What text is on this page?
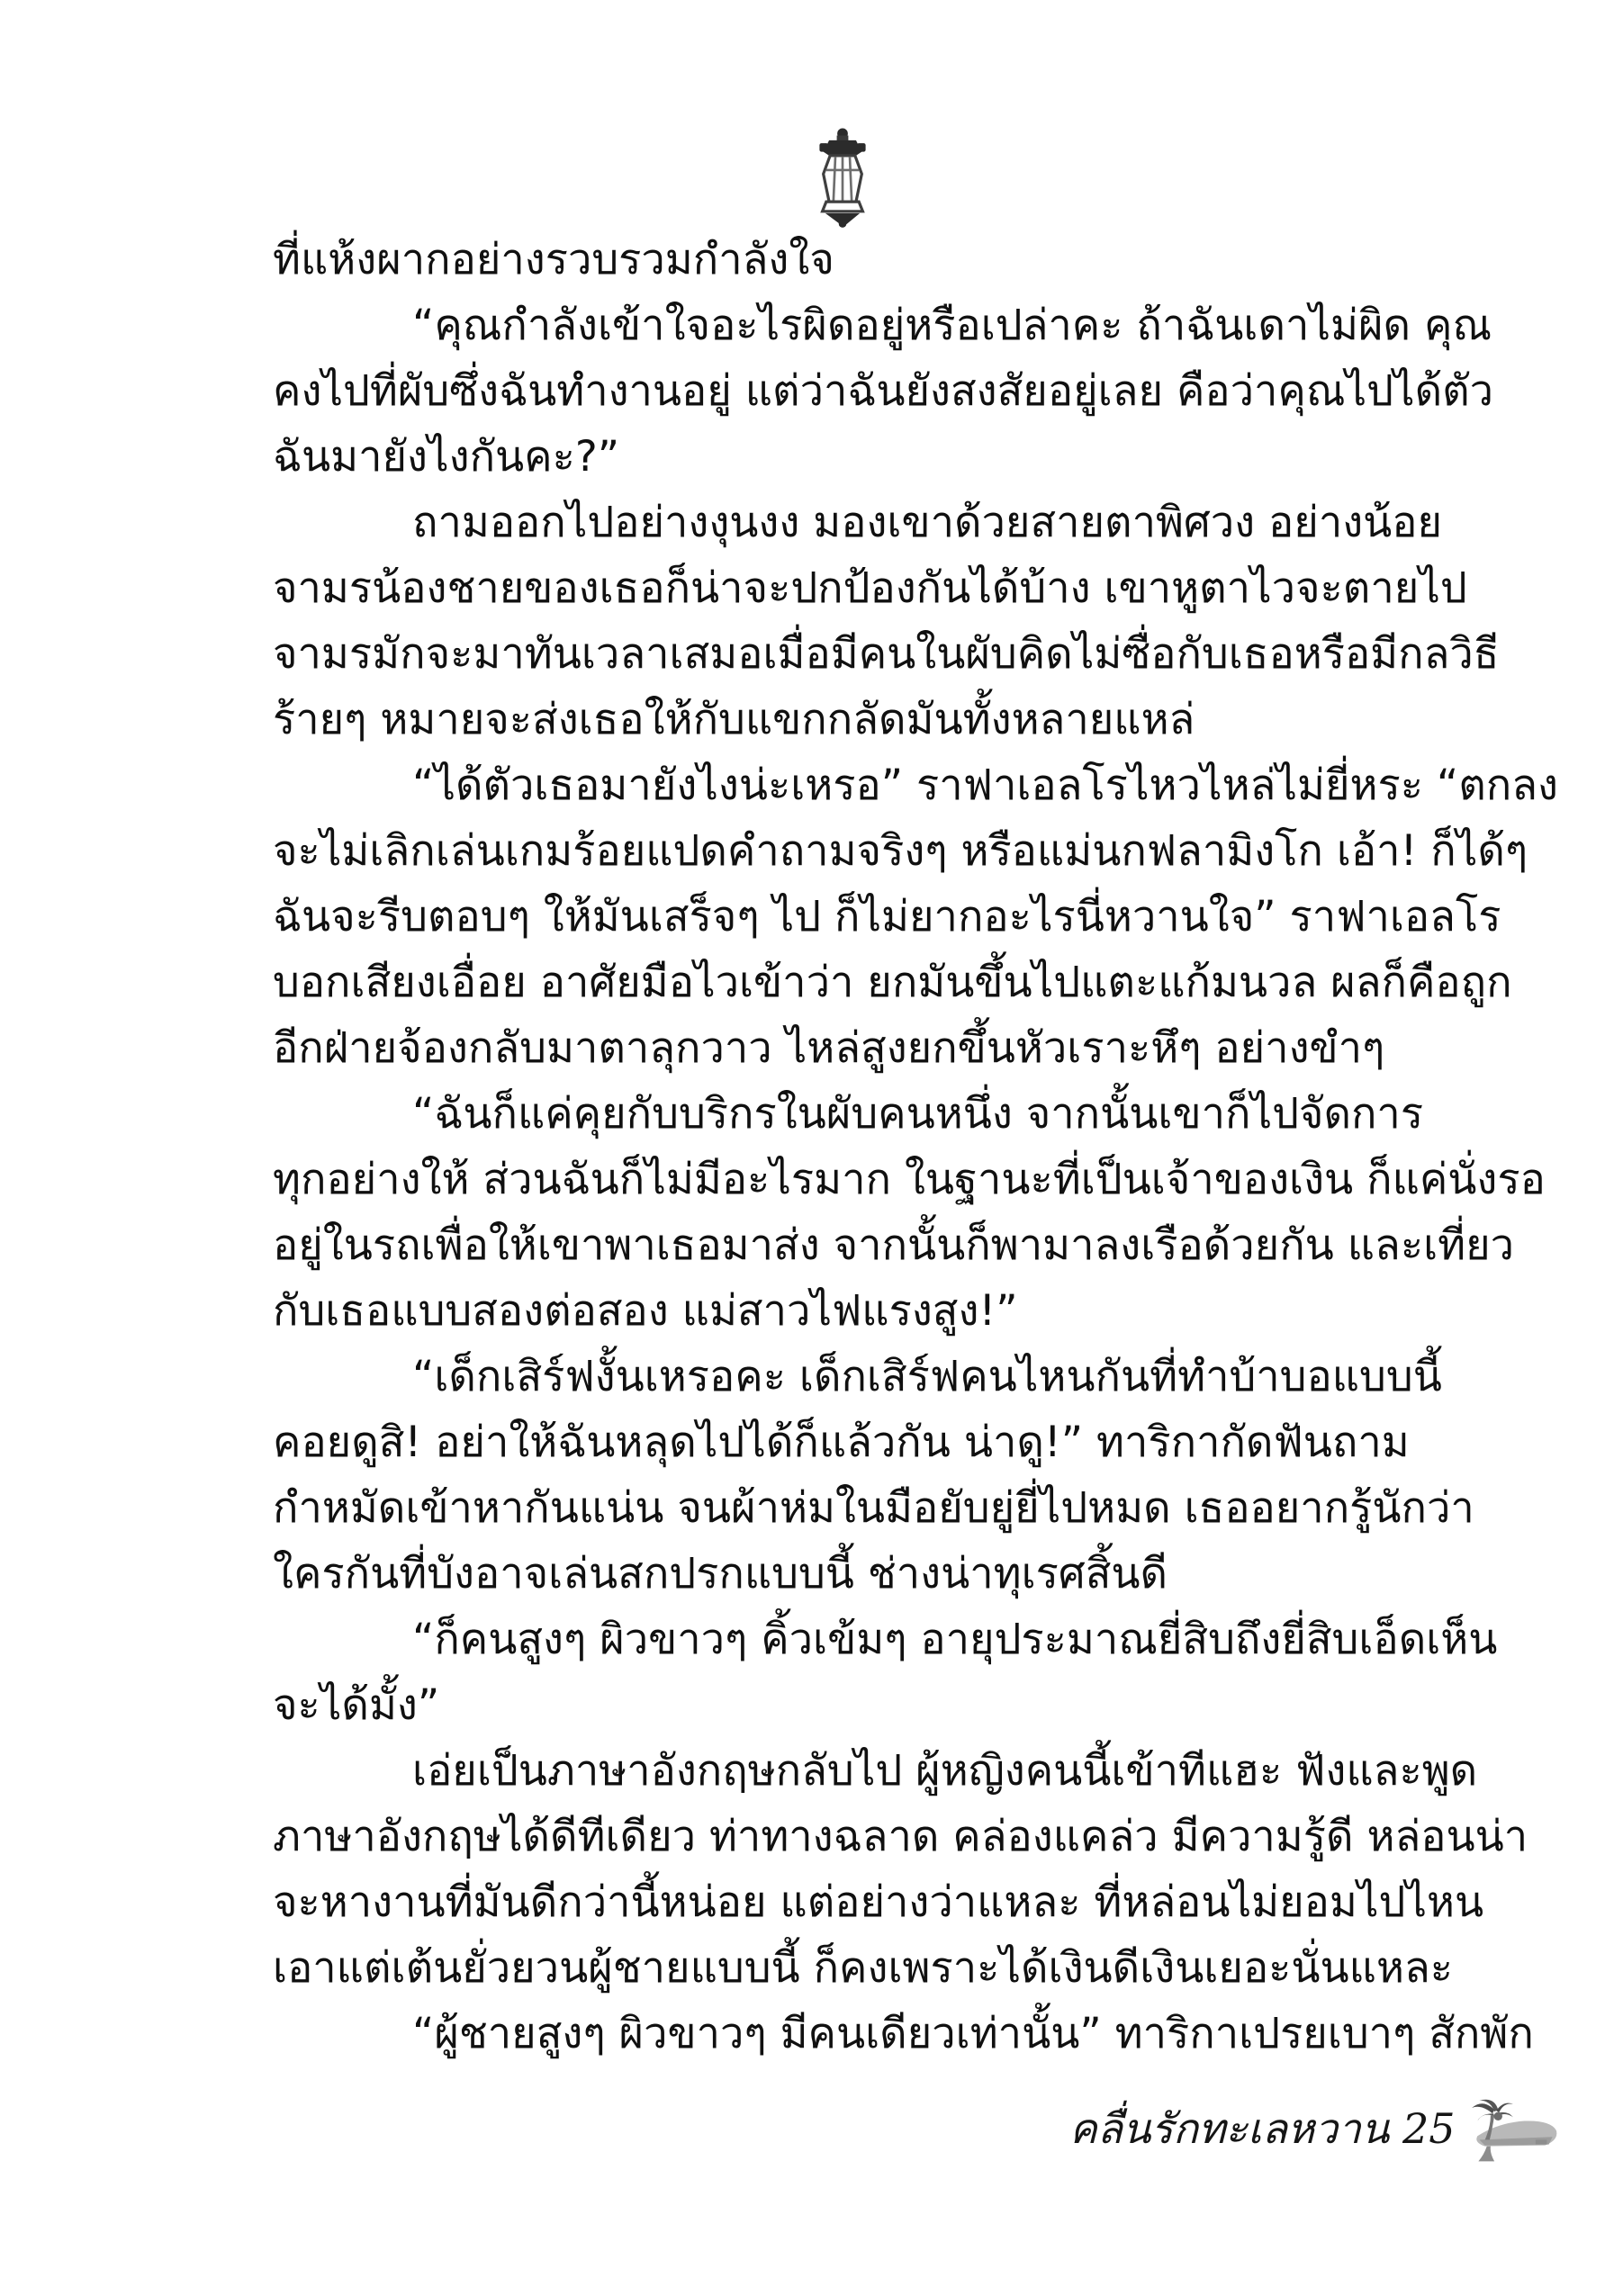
ที่แห้งผากอย่างรวบรวมกำลังใจ
“คุณกำลังเข้าใจอะไรผิดอยู่หรือเปล่าคะ ถ้าฉันเดาไม่ผิด คุณ
คงไปที่ผับซึ่งฉันทำงานอยู่ แต่ว่าฉันยังสงสัยอยู่เลย คือว่าคุณไปได้ตัว
ฉันมายังไงกันคะ?”
ถามออกไปอย่างงุนงง มองเขาด้วยสายตาพิศวง อย่างน้อย
จามรน้องชายของเธอก็น่าจะปกป้องกันได้บ้าง เขาหูตาไวจะตายไป
จามรมักจะมาทันเวลาเสมอเมื่อมีคนในผับคิดไม่ซื่อกับเธอหรือมีกลวิธี
ร้ายๆ หมายจะส่งเธอให้กับแขกกลัดมันทั้งหลายแหล่
“ได้ตัวเธอมายังไงน่ะเหรอ” ราฟาเอลโรไหวไหล่ไม่ยี่หระ “ตกลง
จะไม่เลิกเล่นเกมร้อยแปดคำถามจริงๆ หรือแม่นกฟลามิงโก เอ้า! ก็ได้ๆ
ฉันจะรีบตอบๆ ให้มันเสร็จๆ ไป ก็ไม่ยากอะไรนี่หวานใจ” ราฟาเอลโร
บอกเสียงเอื่อย อาศัยมือไวเข้าว่า ยกมันขึ้นไปแตะแก้มนวล ผลก็คือถูก
อีกฝ่ายจ้องกลับมาตาลุกวาว ไหล่สูงยกขึ้นหัวเราะหึๆ อย่างขำๆ
“ฉันก็แค่คุยกับบริกรในผับคนหนึ่ง จากนั้นเขาก็ไปจัดการ
ทุกอย่างให้ ส่วนฉันก็ไม่มีอะไรมาก ในฐานะที่เป็นเจ้าของเงิน ก็แค่นั่งรอ
อยู่ในรถเพื่อให้เขาพาเธอมาส่ง จากนั้นก็พามาลงเรือด้วยกัน และเที่ยว
กับเธอแบบสองต่อสอง แม่สาวไฟแรงสูง!”
“เด็กเสิร์ฟงั้นเหรอคะ เด็กเสิร์ฟคนไหนกันที่ทำบ้าบอแบบนี้
คอยดูสิ! อย่าให้ฉันหลุดไปได้ก็แล้วกัน น่าดู!” ทาริกากัดฟันถาม
กำหมัดเข้าหากันแน่น จนผ้าห่มในมือยับยู่ยี่ไปหมด เธออยากรู้นักว่า
ใครกันที่บังอาจเล่นสกปรกแบบนี้ ช่างน่าทุเรศสิ้นดี
“ก็คนสูงๆ ผิวขาวๆ คิ้วเข้มๆ อายุประมาณยี่สิบถึงยี่สิบเอ็ดเห็น
จะได้มั้ง”
เอ่ยเป็นภาษาอังกฤษกลับไป ผู้หญิงคนนี้เข้าทีแฮะ ฟังและพูด
ภาษาอังกฤษได้ดีทีเดียว ท่าทางฉลาด คล่องแคล่ว มีความรู้ดี หล่อนน่า
จะหางานที่มันดีกว่านี้หน่อย แต่อย่างว่าแหละ ที่หล่อนไม่ยอมไปไหน
เอาแต่เต้นยั่วยวนผู้ชายแบบนี้ ก็คงเพราะได้เงินดีเงินเยอะนั่นแหละ
“ผู้ชายสูงๆ ผิวขาวๆ มีคนเดียวเท่านั้น” ทาริกาเปรยเบาๆ สักพัก
คลื่นรักทะเลหวาน 25
